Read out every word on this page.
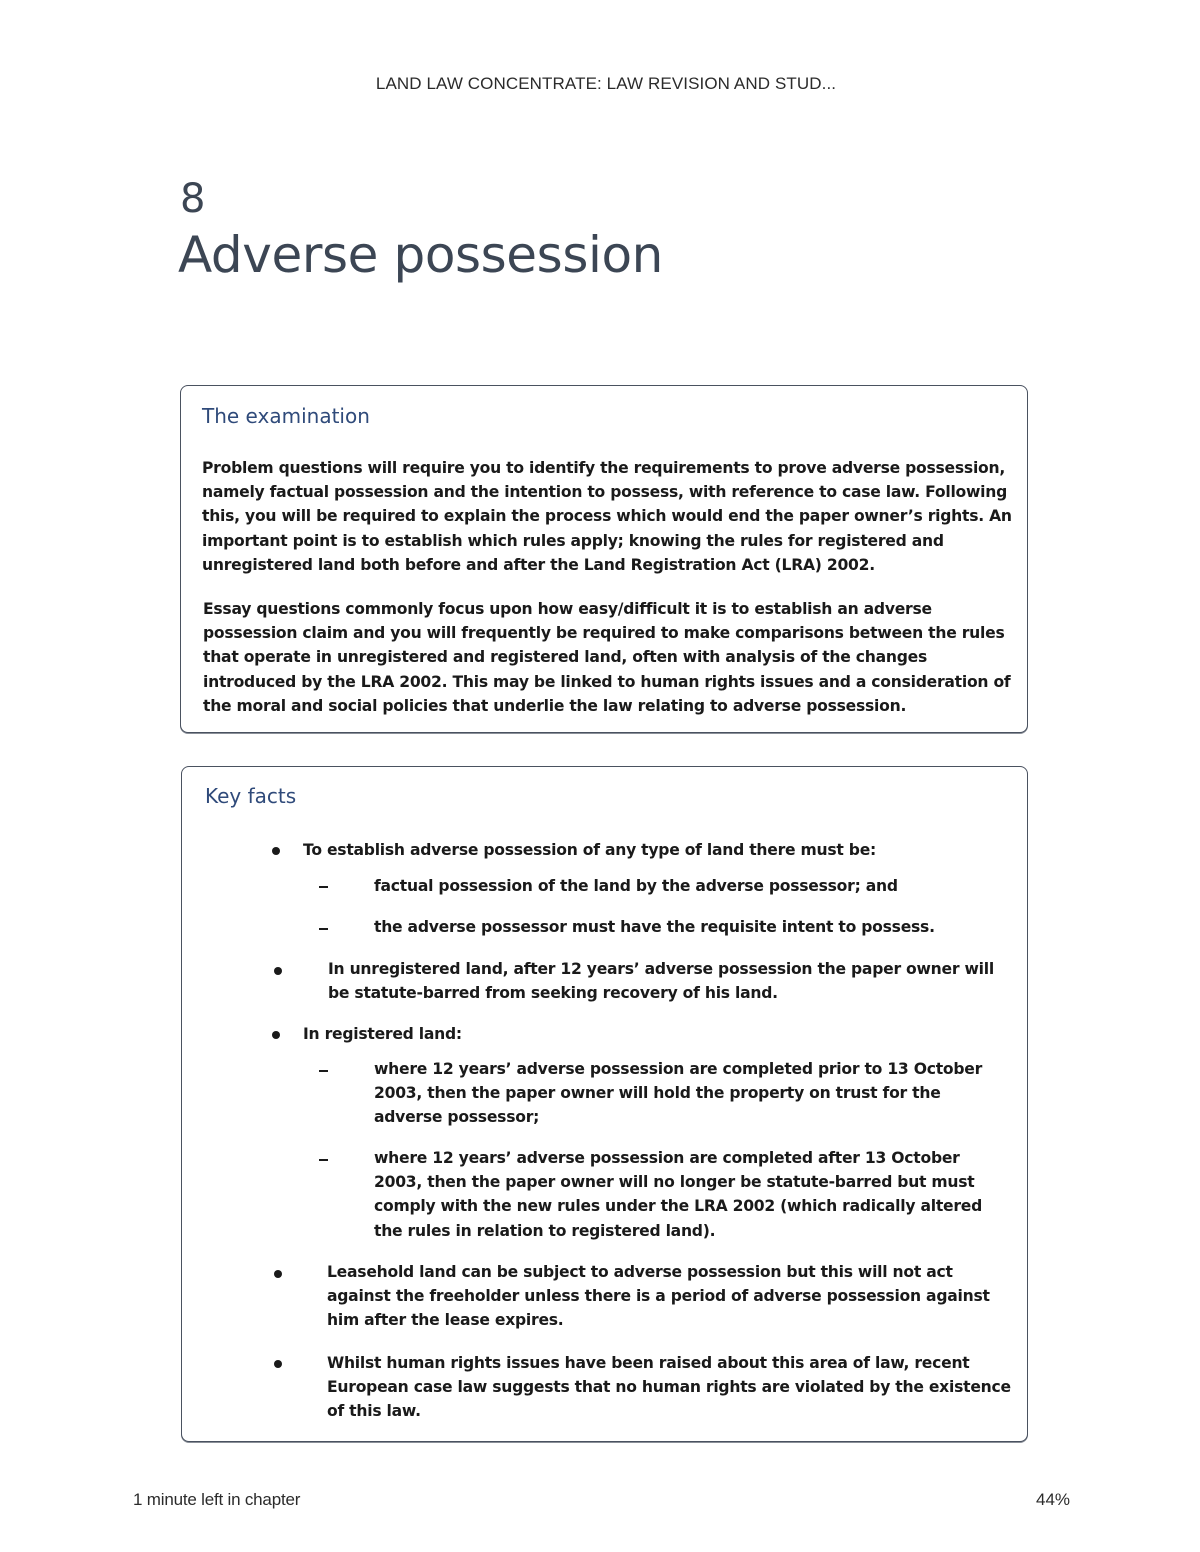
LAND LAW CONCENTRATE: LAW REVISION AND STUD...
8
Adverse possession
The examination

Problem questions will require you to identify the requirements to prove adverse possession, namely factual possession and the intention to possess, with reference to case law. Following this, you will be required to explain the process which would end the paper owner’s rights. An important point is to establish which rules apply; knowing the rules for registered and unregistered land both before and after the Land Registration Act (LRA) 2002.

Essay questions commonly focus upon how easy/difficult it is to establish an adverse possession claim and you will frequently be required to make comparisons between the rules that operate in unregistered and registered land, often with analysis of the changes introduced by the LRA 2002. This may be linked to human rights issues and a consideration of the moral and social policies that underlie the law relating to adverse possession.

Key facts
To establish adverse possession of any type of land there must be:
factual possession of the land by the adverse possessor; and
the adverse possessor must have the requisite intent to possess.
In unregistered land, after 12 years’ adverse possession the paper owner will be statute-barred from seeking recovery of his land.
In registered land:
where 12 years’ adverse possession are completed prior to 13 October 2003, then the paper owner will hold the property on trust for the adverse possessor;
where 12 years’ adverse possession are completed after 13 October 2003, then the paper owner will no longer be statute-barred but must comply with the new rules under the LRA 2002 (which radically altered the rules in relation to registered land).
Leasehold land can be subject to adverse possession but this will not act against the freeholder unless there is a period of adverse possession against him after the lease expires.
Whilst human rights issues have been raised about this area of law, recent European case law suggests that no human rights are violated by the existence of this law.
1 minute left in chapter	44%
